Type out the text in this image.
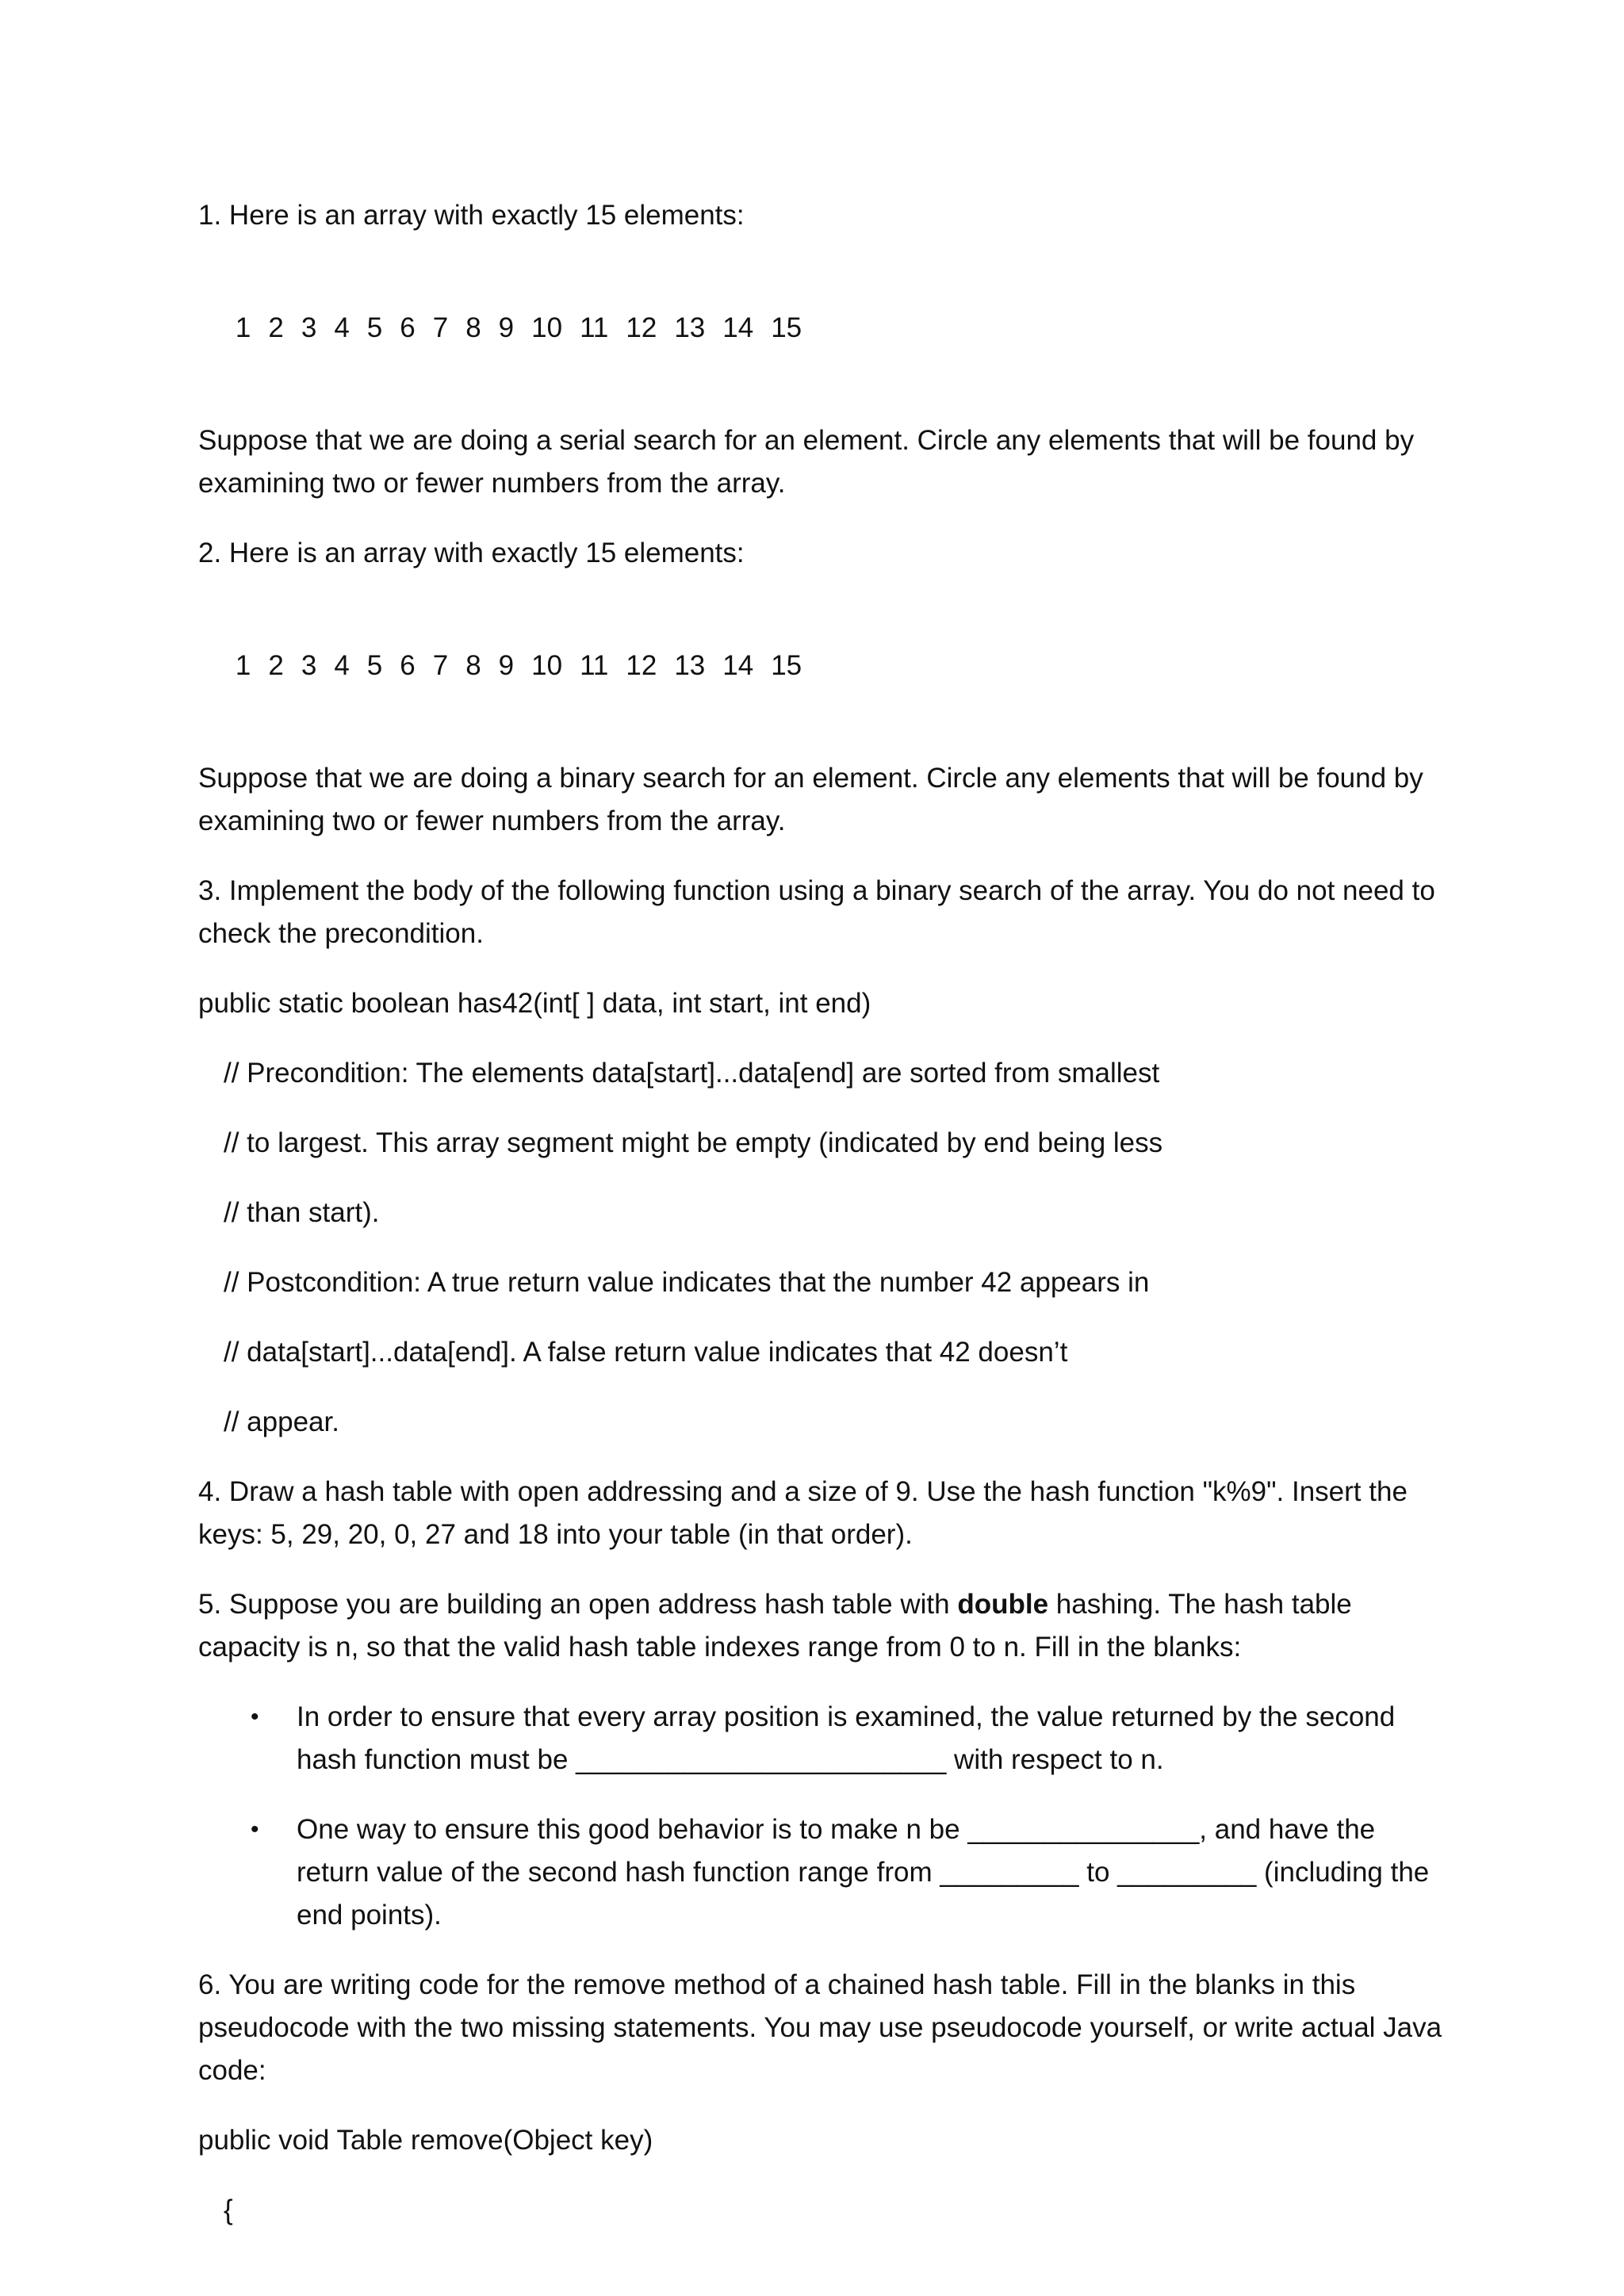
1. Here is an array with exactly 15 elements:

1 2 3 4 5 6 7 8 9 10 11 12 13 14 15

Suppose that we are doing a serial search for an element. Circle any elements that will be found by examining two or fewer numbers from the array.

2. Here is an array with exactly 15 elements:

1 2 3 4 5 6 7 8 9 10 11 12 13 14 15

Suppose that we are doing a binary search for an element. Circle any elements that will be found by examining two or fewer numbers from the array.

3. Implement the body of the following function using a binary search of the array. You do not need to check the precondition.

public static boolean has42(int[ ] data, int start, int end)

// Precondition: The elements data[start]...data[end] are sorted from smallest

// to largest. This array segment might be empty (indicated by end being less

// than start).

// Postcondition: A true return value indicates that the number 42 appears in

// data[start]...data[end]. A false return value indicates that 42 doesn’t

// appear.

4. Draw a hash table with open addressing and a size of 9. Use the hash function "k%9". Insert the keys: 5, 29, 20, 0, 27 and 18 into your table (in that order).

5. Suppose you are building an open address hash table with double hashing. The hash table capacity is n, so that the valid hash table indexes range from 0 to n. Fill in the blanks:

• In order to ensure that every array position is examined, the value returned by the second hash function must be ________________________ with respect to n.
• One way to ensure this good behavior is to make n be _______________, and have the return value of the second hash function range from _________ to _________ (including the end points).

6. You are writing code for the remove method of a chained hash table. Fill in the blanks in this pseudocode with the two missing statements. You may use pseudocode yourself, or write actual Java code:

public void Table remove(Object key)

{
